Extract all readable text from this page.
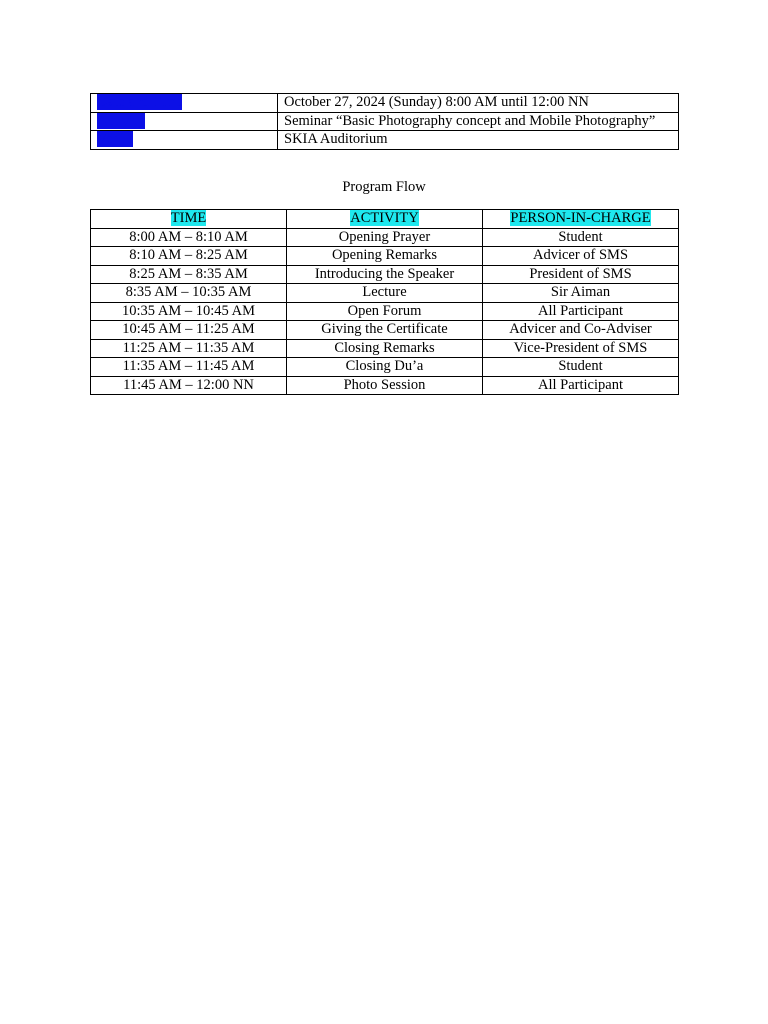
Date and Time	October 27, 2024 (Sunday) 8:00 AM until 12:00 NN
Activity	Seminar “Basic Photography concept and Mobile Photography”
Venue	SKIA Auditorium
Program Flow
TIME	ACTIVITY	PERSON-IN-CHARGE
8:00 AM – 8:10 AM	Opening Prayer	Student
8:10 AM – 8:25 AM	Opening Remarks	Advicer of SMS
8:25 AM – 8:35 AM	Introducing the Speaker	President of SMS
8:35 AM – 10:35 AM	Lecture	Sir Aiman
10:35 AM – 10:45 AM	Open Forum	All Participant
10:45 AM – 11:25 AM	Giving the Certificate	Advicer and Co-Adviser
11:25 AM – 11:35 AM	Closing Remarks	Vice-President of SMS
11:35 AM – 11:45 AM	Closing Du’a	Student
11:45 AM – 12:00 NN	Photo Session	All Participant
